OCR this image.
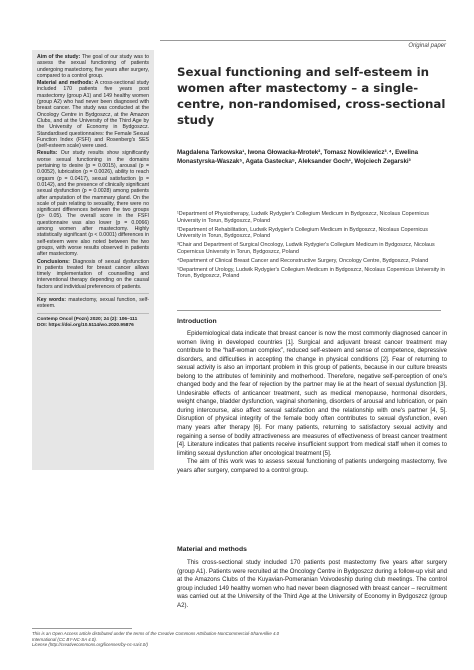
Original paper

Aim of the study: The goal of our study was to assess the sexual functioning of patients undergoing mastectomy, five years after surgery, compared to a control group.

Material and methods: A cross-sectional study included 170 patients five years post mastectomy (group A1) and 149 healthy women (group A2) who had never been diagnosed with breast cancer. The study was conducted at the Oncology Centre in Bydgoszcz, at the Amazon Clubs, and at the University of the Third Age by the University of Economy in Bydgoszcz. Standardised questionnaires: the Female Sexual Function Index (FSFI) and Rosenberg's SES (self-esteem scale) were used.

Results: Our study results show significantly worse sexual functioning in the domains pertaining to desire (p = 0.0015), arousal (p = 0.0052), lubrication (p = 0.0026), ability to reach orgasm (p = 0.0417), sexual satisfaction (p = 0.0142), and the presence of clinically significant sexual dysfunction (p = 0.0028) among patients after amputation of the mammary gland. On the scale of pain relating to sexuality, there were no significant differences between the two groups (p> 0.05). The overall score in the FSFI questionnaire was also lower (p = 0.0066) among women after mastectomy. Highly statistically significant (p < 0.0001) differences in self-esteem were also noted between the two groups, with worse results observed in patients after mastectomy.

Conclusions: Diagnosis of sexual dysfunction in patients treated for breast cancer allows timely implementation of counselling and interventional therapy depending on the causal factors and individual preferences of patients.

Key words: mastectomy, sexual function, self-esteem.

Contemp Oncol (Pozn) 2020; 24 (2): 106–111
DOI: https://doi.org/10.5114/wo.2020.95876
Sexual functioning and self-esteem in women after mastectomy – a single-centre, non-randomised, cross-sectional study
Magdalena Tarkowska¹, Iwona Głowacka-Mrotek², Tomasz Nowikiewicz³˒⁴, Ewelina Monastyrska-Waszak⁵, Agata Gastecka⁵, Aleksander Goch¹, Wojciech Zegarski³
¹Department of Physiotherapy, Ludwik Rydygier's Collegium Medicum in Bydgoszcz, Nicolaus Copernicus University in Torun, Bydgoszcz, Poland
²Department of Rehabilitation, Ludwik Rydygier's Collegium Medicum in Bydgoszcz, Nicolaus Copernicus University in Torun, Bydgoszcz, Poland
³Chair and Department of Surgical Oncology, Ludwik Rydygier's Collegium Medicum in Bydgoszcz, Nicolaus Copernicus University in Torun, Bydgoszcz, Poland
⁴Department of Clinical Breast Cancer and Reconstructive Surgery, Oncology Centre, Bydgoszcz, Poland
⁵Department of Urology, Ludwik Rydygier's Collegium Medicum in Bydgoszcz, Nicolaus Copernicus University in Torun, Bydgoszcz, Poland
Introduction

Epidemiological data indicate that breast cancer is now the most commonly diagnosed cancer in women living in developed countries [1]. Surgical and adjuvant breast cancer treatment may contribute to the “half-woman complex”, reduced self-esteem and sense of competence, depressive disorders, and difficulties in accepting the change in physical conditions [2]. Fear of returning to sexual activity is also an important problem in this group of patients, because in our culture breasts belong to the attributes of femininity and motherhood. Therefore, negative self-perception of one's changed body and the fear of rejection by the partner may lie at the heart of sexual dysfunction [3]. Undesirable effects of anticancer treatment, such as medical menopause, hormonal disorders, weight change, bladder dysfunction, vaginal shortening, disorders of arousal and lubrication, or pain during intercourse, also affect sexual satisfaction and the relationship with one's partner [4, 5]. Disruption of physical integrity of the female body often contributes to sexual dysfunction, even many years after therapy [6]. For many patients, returning to satisfactory sexual activity and regaining a sense of bodily attractiveness are measures of effectiveness of breast cancer treatment [4]. Literature indicates that patients receive insufficient support from medical staff when it comes to limiting sexual dysfunction after oncological treatment [5].

The aim of this work was to assess sexual functioning of patients undergoing mastectomy, five years after surgery, compared to a control group.

Material and methods

This cross-sectional study included 170 patients post mastectomy five years after surgery (group A1). Patients were recruited at the Oncology Centre in Bydgoszcz during a follow-up visit and at the Amazons Clubs of the Kuyavian-Pomeranian Voivodeship during club meetings. The control group included 149 healthy women who had never been diagnosed with breast cancer – recruitment was carried out at the University of the Third Age at the University of Economy in Bydgoszcz (group A2).

This is an Open Access article distributed under the terms of the Creative Commons Attribution-NonCommercial-ShareAlike 4.0 International (CC BY-NC-SA 4.0).
License (http://creativecommons.org/licenses/by-nc-sa/4.0/)
